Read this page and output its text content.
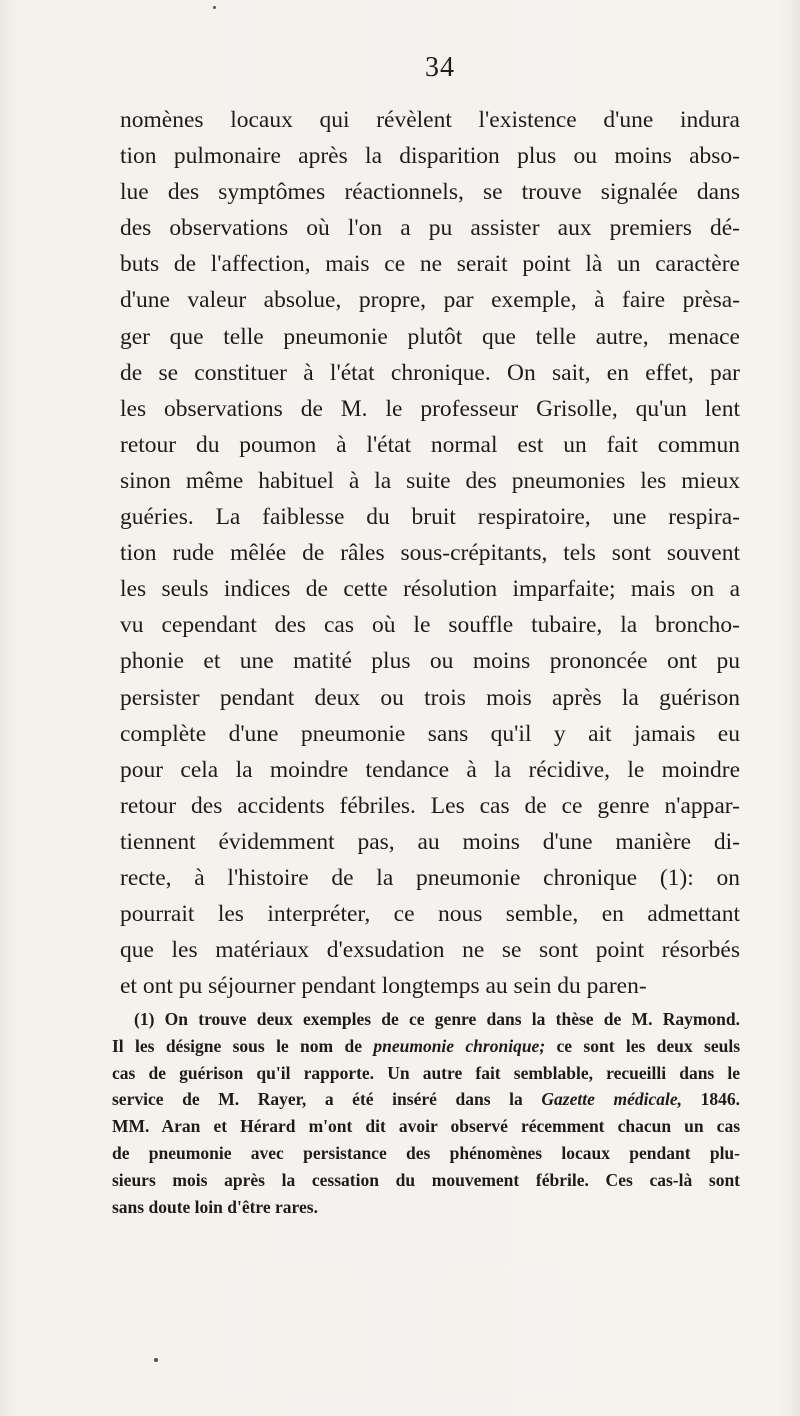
34
nomènes locaux qui révèlent l'existence d'une indura
tion pulmonaire après la disparition plus ou moins abso-
lue des symptômes réactionnels, se trouve signalée dans
des observations où l'on a pu assister aux premiers dé-
buts de l'affection, mais ce ne serait point là un caractère
d'une valeur absolue, propre, par exemple, à faire prèsa-
ger que telle pneumonie plutôt que telle autre, menace
de se constituer à l'état chronique. On sait, en effet, par
les observations de M. le professeur Grisolle, qu'un lent
retour du poumon à l'état normal est un fait commun
sinon même habituel à la suite des pneumonies les mieux
guéries. La faiblesse du bruit respiratoire, une respira-
tion rude mêlée de râles sous-crépitants, tels sont souvent
les seuls indices de cette résolution imparfaite; mais on a
vu cependant des cas où le souffle tubaire, la broncho-
phonie et une matité plus ou moins prononcée ont pu
persister pendant deux ou trois mois après la guérison
complète d'une pneumonie sans qu'il y ait jamais eu
pour cela la moindre tendance à la récidive, le moindre
retour des accidents fébriles. Les cas de ce genre n'appar-
tiennent évidemment pas, au moins d'une manière di-
recte, à l'histoire de la pneumonie chronique (1): on
pourrait les interpréter, ce nous semble, en admettant
que les matériaux d'exsudation ne se sont point résorbés
et ont pu séjourner pendant longtemps au sein du paren-
(1) On trouve deux exemples de ce genre dans la thèse de M. Raymond.
Il les désigne sous le nom de pneumonie chronique; ce sont les deux seuls
cas de guérison qu'il rapporte. Un autre fait semblable, recueilli dans le
service de M. Rayer, a été inséré dans la Gazette médicale, 1846.
MM. Aran et Hérard m'ont dit avoir observé récemment chacun un cas
de pneumonie avec persistance des phénomènes locaux pendant plu-
sieurs mois après la cessation du mouvement fébrile. Ces cas-là sont
sans doute loin d'être rares.
